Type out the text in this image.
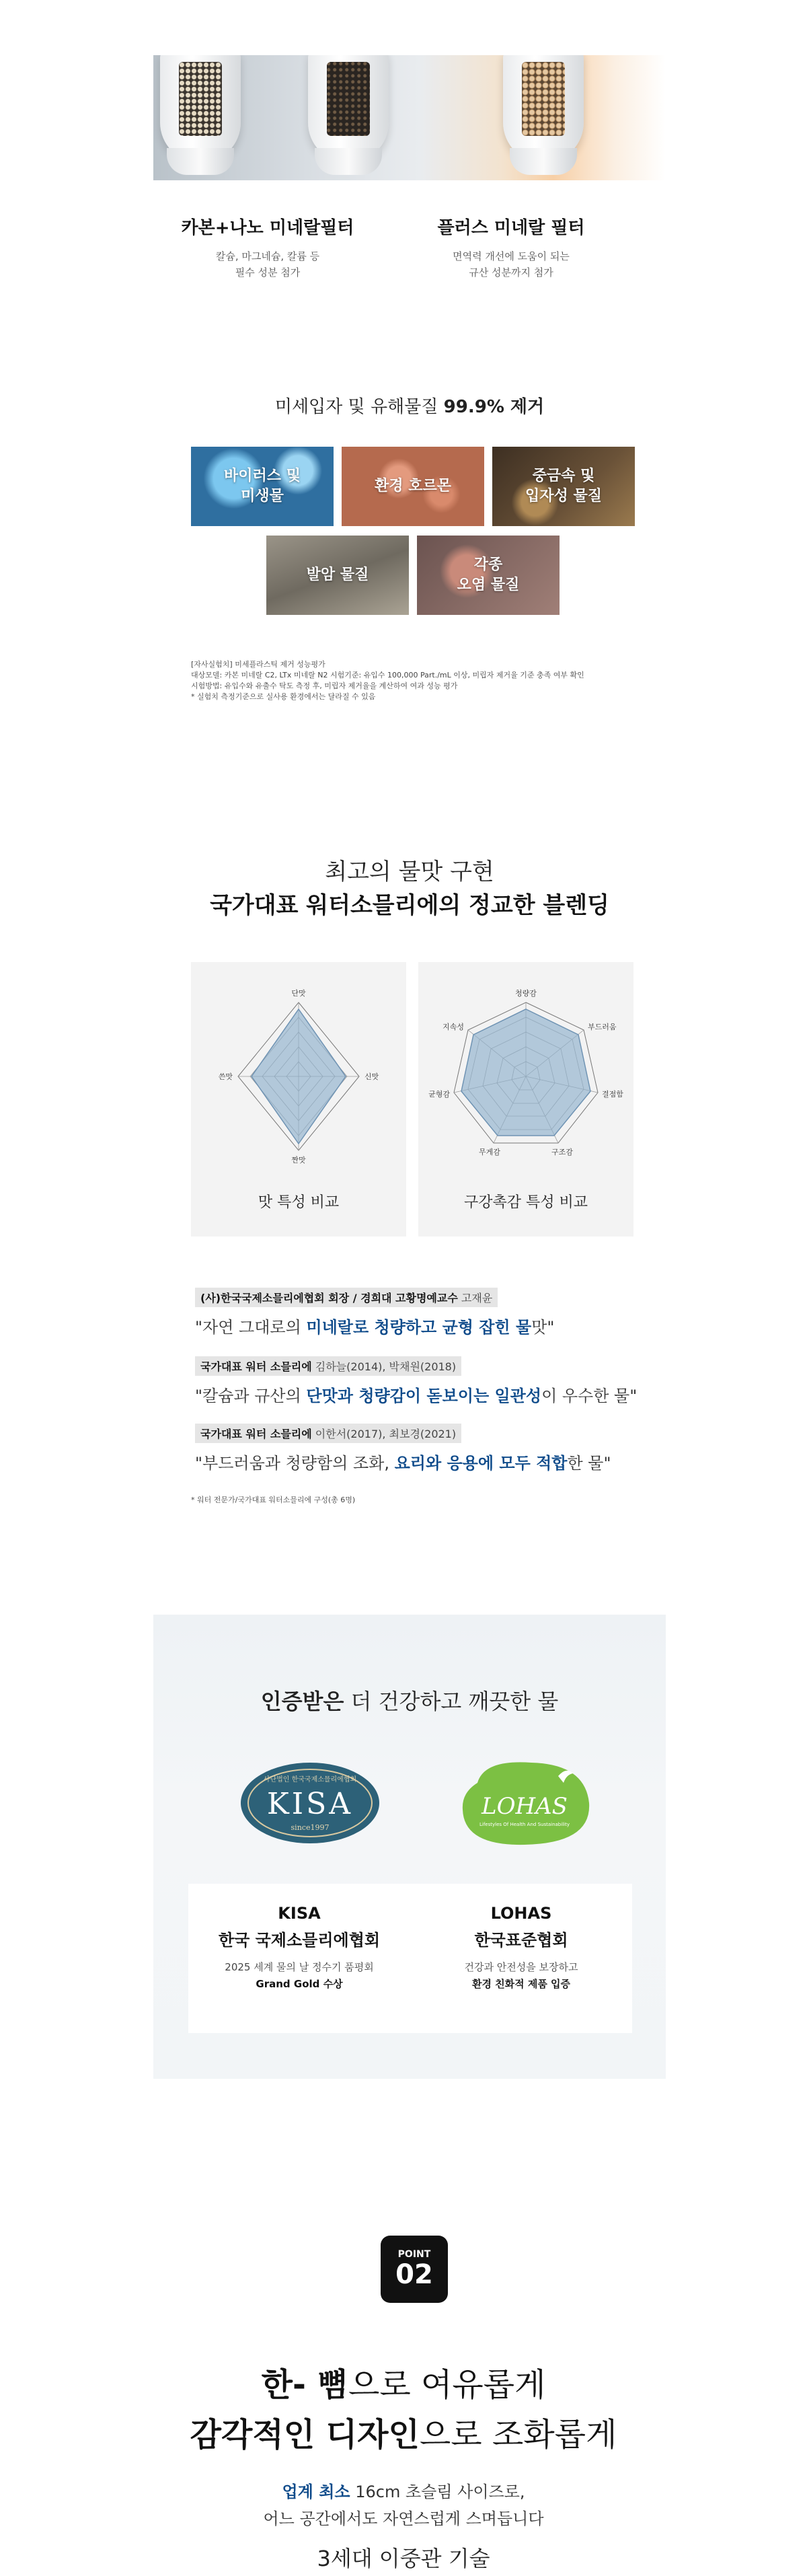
카본+나노 미네랄필터
칼슘, 마그네슘, 칼륨 등
필수 성분 첨가
플러스 미네랄 필터
면역력 개선에 도움이 되는
규산 성분까지 첨가
미세입자 및 유해물질 99.9% 제거
바이러스 및
미생물
환경 호르몬
중금속 및
입자성 물질
발암 물질
각종
오염 물질
[자사실험치] 미세플라스틱 제거 성능평가
대상모델: 카본 미네랄 C2, LTx 미네랄 N2 시험기준: 유입수 100,000 Part./mL 이상, 미립자 제거율 기준 충족 여부 확인
시험방법: 유입수와 유출수 탁도 측정 후, 미립자 제거율을 계산하여 여과 성능 평가
* 실험치 측정기준으로 실사용 환경에서는 달라질 수 있음
최고의 물맛 구현
국가대표 워터소믈리에의 정교한 블렌딩
단맛
신맛
짠맛
쓴맛
맛 특성 비교
청량감
부드러움
결점함
구조감
무게감
균형감
지속성
구강촉감 특성 비교
(사)한국국제소믈리에협회 회장 / 경희대 고황명예교수 고재윤
"자연 그대로의 미네랄로 청량하고 균형 잡힌 물맛"
국가대표 워터 소믈리에 김하늘(2014), 박채원(2018)
"칼슘과 규산의 단맛과 청량감이 돋보이는 일관성이 우수한 물"
국가대표 워터 소믈리에 이한서(2017), 최보경(2021)
"부드러움과 청량함의 조화, 요리와 응용에 모두 적합한 물"
* 워터 전문가/국가대표 워터소믈리에 구성(총 6명)
인증받은 더 건강하고 깨끗한 물
사단법인 한국국제소믈리에협회
KISA
since1997
LOHAS
Lifestyles Of Health And Sustainability
KISA
한국 국제소믈리에협회
2025 세계 물의 날 정수기 품평회
Grand Gold 수상
LOHAS
한국표준협회
건강과 안전성을 보장하고
환경 친화적 제품 입증
POINT
02
한- 뼘으로 여유롭게
감각적인 디자인으로 조화롭게
업계 최소 16cm 초슬림 사이즈로,
어느 공간에서도 자연스럽게 스며듭니다
3세대 이중관 기술
